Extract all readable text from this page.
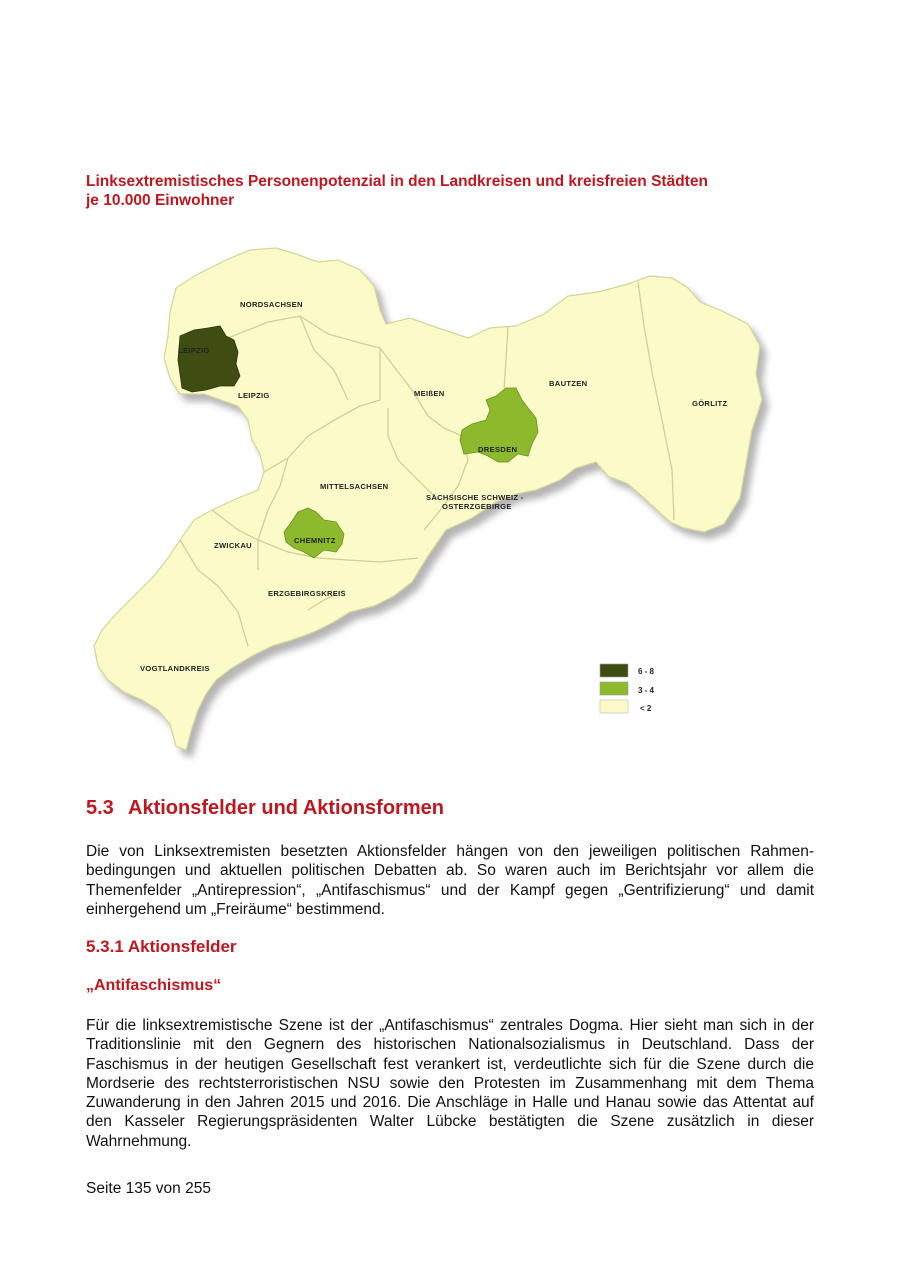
Linksextremistisches Personenpotenzial in den Landkreisen und kreisfreien Städten
je 10.000 Einwohner
NORDSACHSEN
LEIPZIG
LEIPZIG	MEIßEN
BAUTZEN
GÖRLITZ
DRESDEN
MITTELSACHSEN
SÄCHSISCHE SCHWEIZ -
OSTERZGEBIRGE
ZWICKAU
CHEMNITZ
ERZGEBIRGSKREIS
VOGTLANDKREIS	6 - 8
3 - 4
< 2
5.3 Aktionsfelder und Aktionsformen

Die von Linksextremisten besetzten Aktionsfelder hängen von den jeweiligen politischen Rahmen-bedingungen und aktuellen politischen Debatten ab. So waren auch im Berichtsjahr vor allem die Themenfelder „Antirepression“, „Antifaschismus“ und der Kampf gegen „Gentrifizierung“ und damit einhergehend um „Freiräume“ bestimmend.

5.3.1 Aktionsfelder
„Antifaschismus“

Für die linksextremistische Szene ist der „Antifaschismus“ zentrales Dogma. Hier sieht man sich in der Traditionslinie mit den Gegnern des historischen Nationalsozialismus in Deutschland. Dass der Faschismus in der heutigen Gesellschaft fest verankert ist, verdeutlichte sich für die Szene durch die Mordserie des rechtsterroristischen NSU sowie den Protesten im Zusammenhang mit dem Thema Zuwanderung in den Jahren 2015 und 2016. Die Anschläge in Halle und Hanau sowie das Attentat auf den Kasseler Regierungspräsidenten Walter Lübcke bestätigten die Szene zusätzlich in dieser Wahrnehmung.

Seite 135 von 255
